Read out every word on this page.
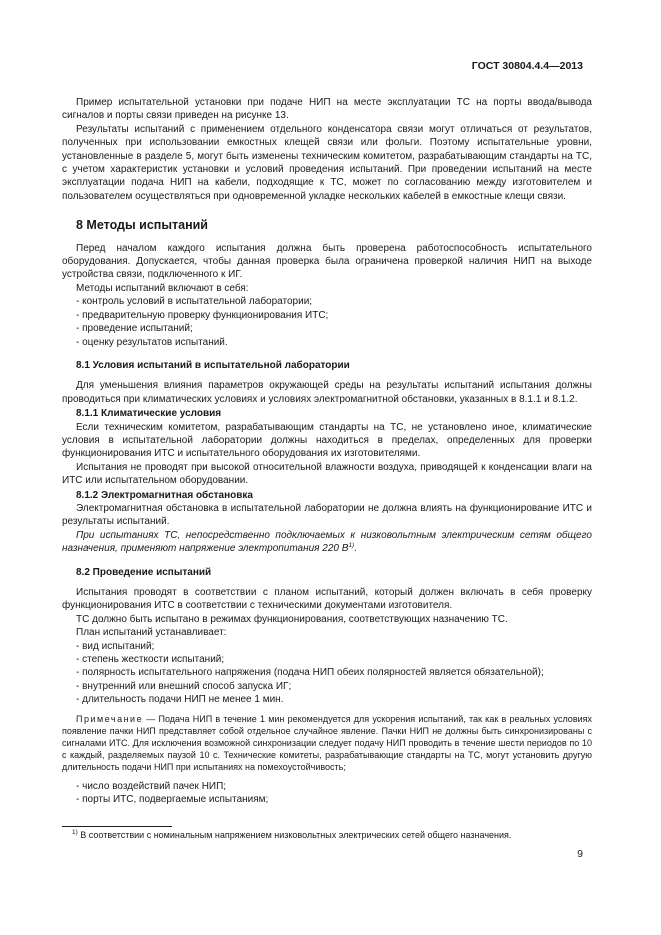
ГОСТ 30804.4.4—2013

Пример испытательной установки при подаче НИП на месте эксплуатации ТС на порты ввода/вывода сигналов и порты связи приведен на рисунке 13.

Результаты испытаний с применением отдельного конденсатора связи могут отличаться от результатов, полученных при использовании емкостных клещей связи или фольги. Поэтому испытательные уровни, установленные в разделе 5, могут быть изменены техническим комитетом, разрабатывающим стандарты на ТС, с учетом характеристик установки и условий проведения испытаний. При проведении испытаний на месте эксплуатации подача НИП на кабели, подходящие к ТС, может по согласованию между изготовителем и пользователем осуществляться при одновременной укладке нескольких кабелей в емкостные клещи связи.

8 Методы испытаний

Перед началом каждого испытания должна быть проверена работоспособность испытательного оборудования. Допускается, чтобы данная проверка была ограничена проверкой наличия НИП на выходе устройства связи, подключенного к ИГ.

Методы испытаний включают в себя:

- контроль условий в испытательной лаборатории;

- предварительную проверку функционирования ИТС;

- проведение испытаний;

- оценку результатов испытаний.

8.1 Условия испытаний в испытательной лаборатории

Для уменьшения влияния параметров окружающей среды на результаты испытаний испытания должны проводиться при климатических условиях и условиях электромагнитной обстановки, указанных в 8.1.1 и 8.1.2.

8.1.1 Климатические условия

Если техническим комитетом, разрабатывающим стандарты на ТС, не установлено иное, климатические условия в испытательной лаборатории должны находиться в пределах, определенных для проверки функционирования ИТС и испытательного оборудования их изготовителями.

Испытания не проводят при высокой относительной влажности воздуха, приводящей к конденсации влаги на ИТС или испытательном оборудовании.

8.1.2 Электромагнитная обстановка

Электромагнитная обстановка в испытательной лаборатории не должна влиять на функционирование ИТС и результаты испытаний.

При испытаниях ТС, непосредственно подключаемых к низковольтным электрическим сетям общего назначения, применяют напряжение электропитания 220 $В^{1)}$.

8.2 Проведение испытаний

Испытания проводят в соответствии с планом испытаний, который должен включать в себя проверку функционирования ИТС в соответствии с техническими документами изготовителя.

ТС должно быть испытано в режимах функционирования, соответствующих назначению ТС.

План испытаний устанавливает:

- вид испытаний;

- степень жесткости испытаний;

- полярность испытательного напряжения (подача НИП обеих полярностей является обязательной);

- внутренний или внешний способ запуска ИГ;

- длительность подачи НИП не менее 1 мин.

Примечание — Подача НИП в течение 1 мин рекомендуется для ускорения испытаний, так как в реальных условиях появление пачки НИП представляет собой отдельное случайное явление. Пачки НИП не должны быть синхронизированы с сигналами ИТС. Для исключения возможной синхронизации следует подачу НИП проводить в течение шести периодов по 10 с каждый, разделяемых паузой 10 с. Технические комитеты, разрабатывающие стандарты на ТС, могут установить другую длительность подачи НИП при испытаниях на помехоустойчивость;

- число воздействий пачек НИП;

- порты ИТС, подвергаемые испытаниям;

$^{1)}$ В соответствии с номинальным напряжением низковольтных электрических сетей общего назначения.
9
